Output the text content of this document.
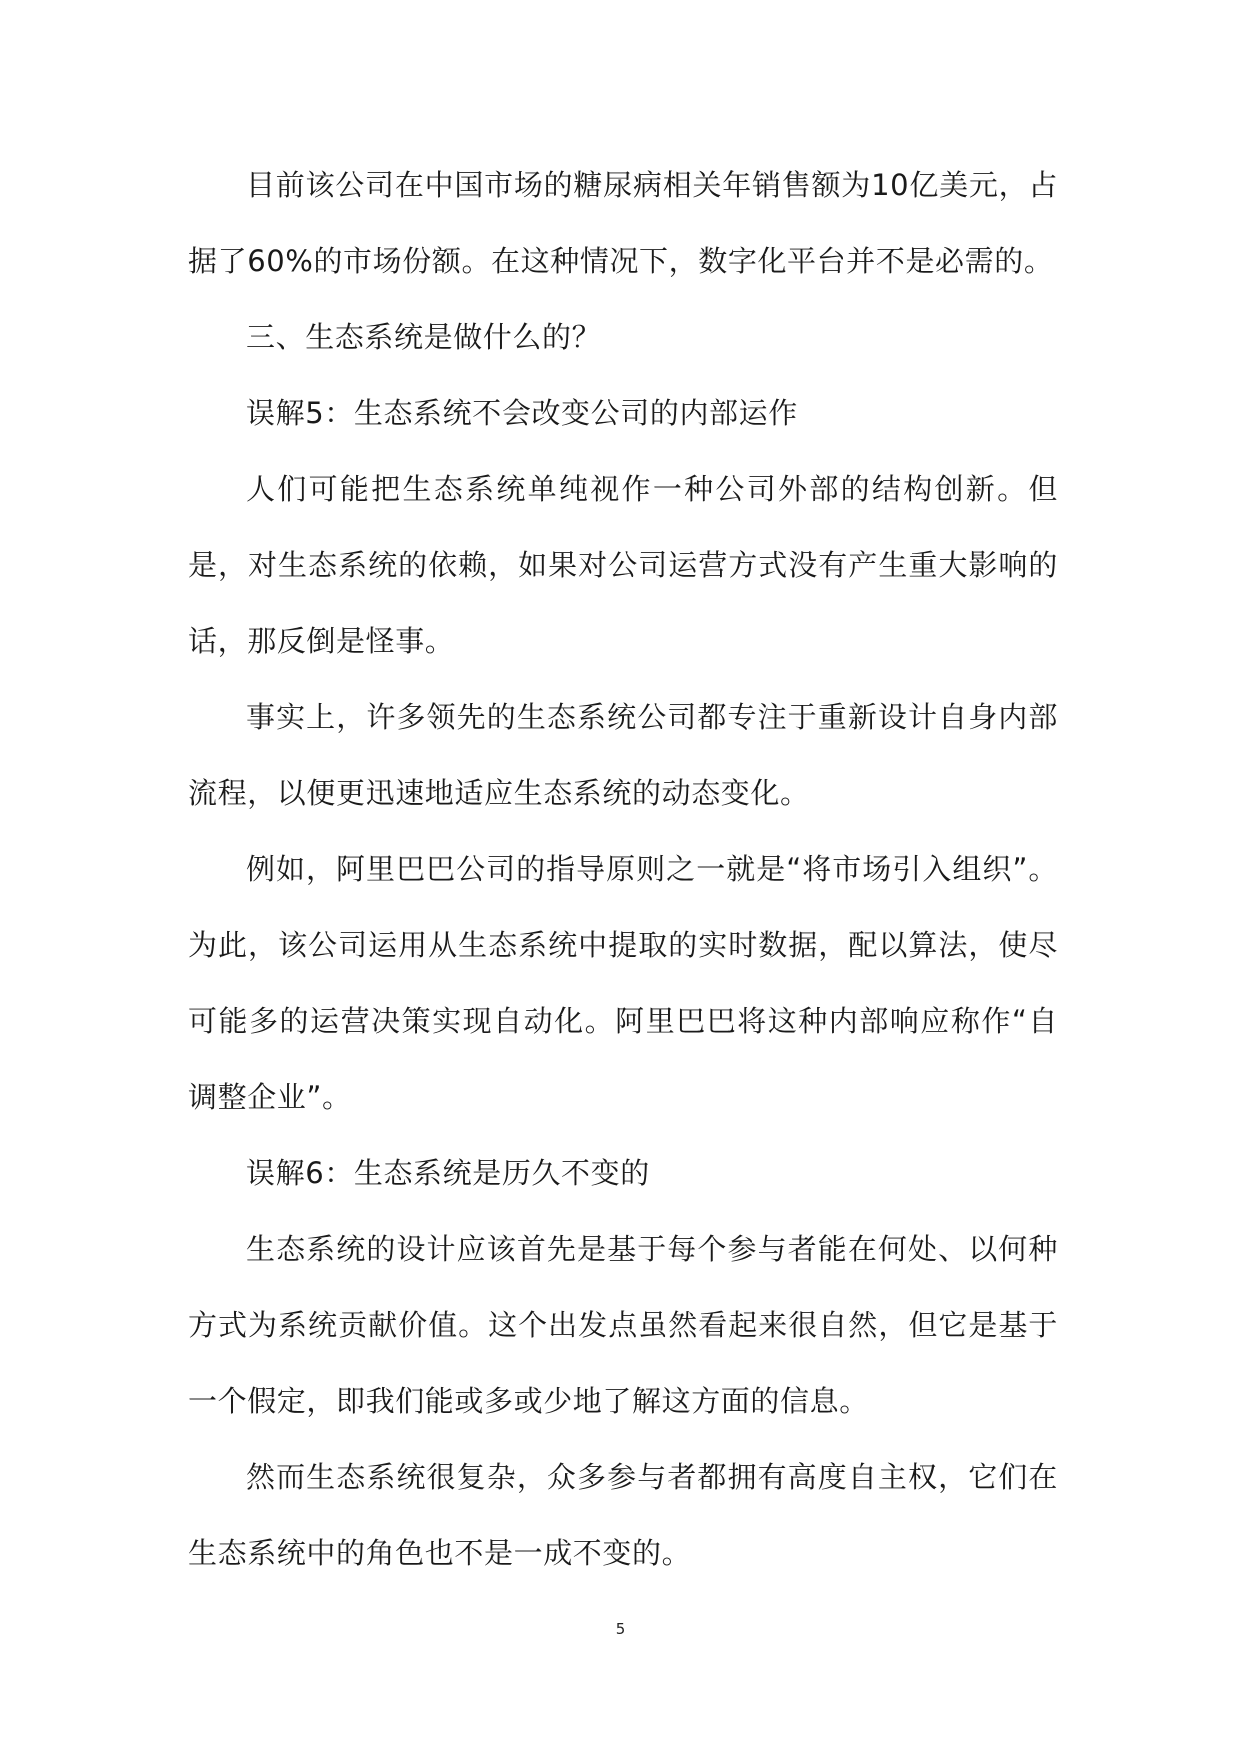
目前该公司在中国市场的糖尿病相关年销售额为10亿美元，占据了60%的市场份额。在这种情况下，数字化平台并不是必需的。

三、生态系统是做什么的？

误解5：生态系统不会改变公司的内部运作

人们可能把生态系统单纯视作一种公司外部的结构创新。但是，对生态系统的依赖，如果对公司运营方式没有产生重大影响的话，那反倒是怪事。

事实上，许多领先的生态系统公司都专注于重新设计自身内部流程，以便更迅速地适应生态系统的动态变化。

例如，阿里巴巴公司的指导原则之一就是“将市场引入组织”。为此，该公司运用从生态系统中提取的实时数据，配以算法，使尽可能多的运营决策实现自动化。阿里巴巴将这种内部响应称作“自调整企业”。

误解6：生态系统是历久不变的

生态系统的设计应该首先是基于每个参与者能在何处、以何种方式为系统贡献价值。这个出发点虽然看起来很自然，但它是基于一个假定，即我们能或多或少地了解这方面的信息。

然而生态系统很复杂，众多参与者都拥有高度自主权，它们在生态系统中的角色也不是一成不变的。

5
